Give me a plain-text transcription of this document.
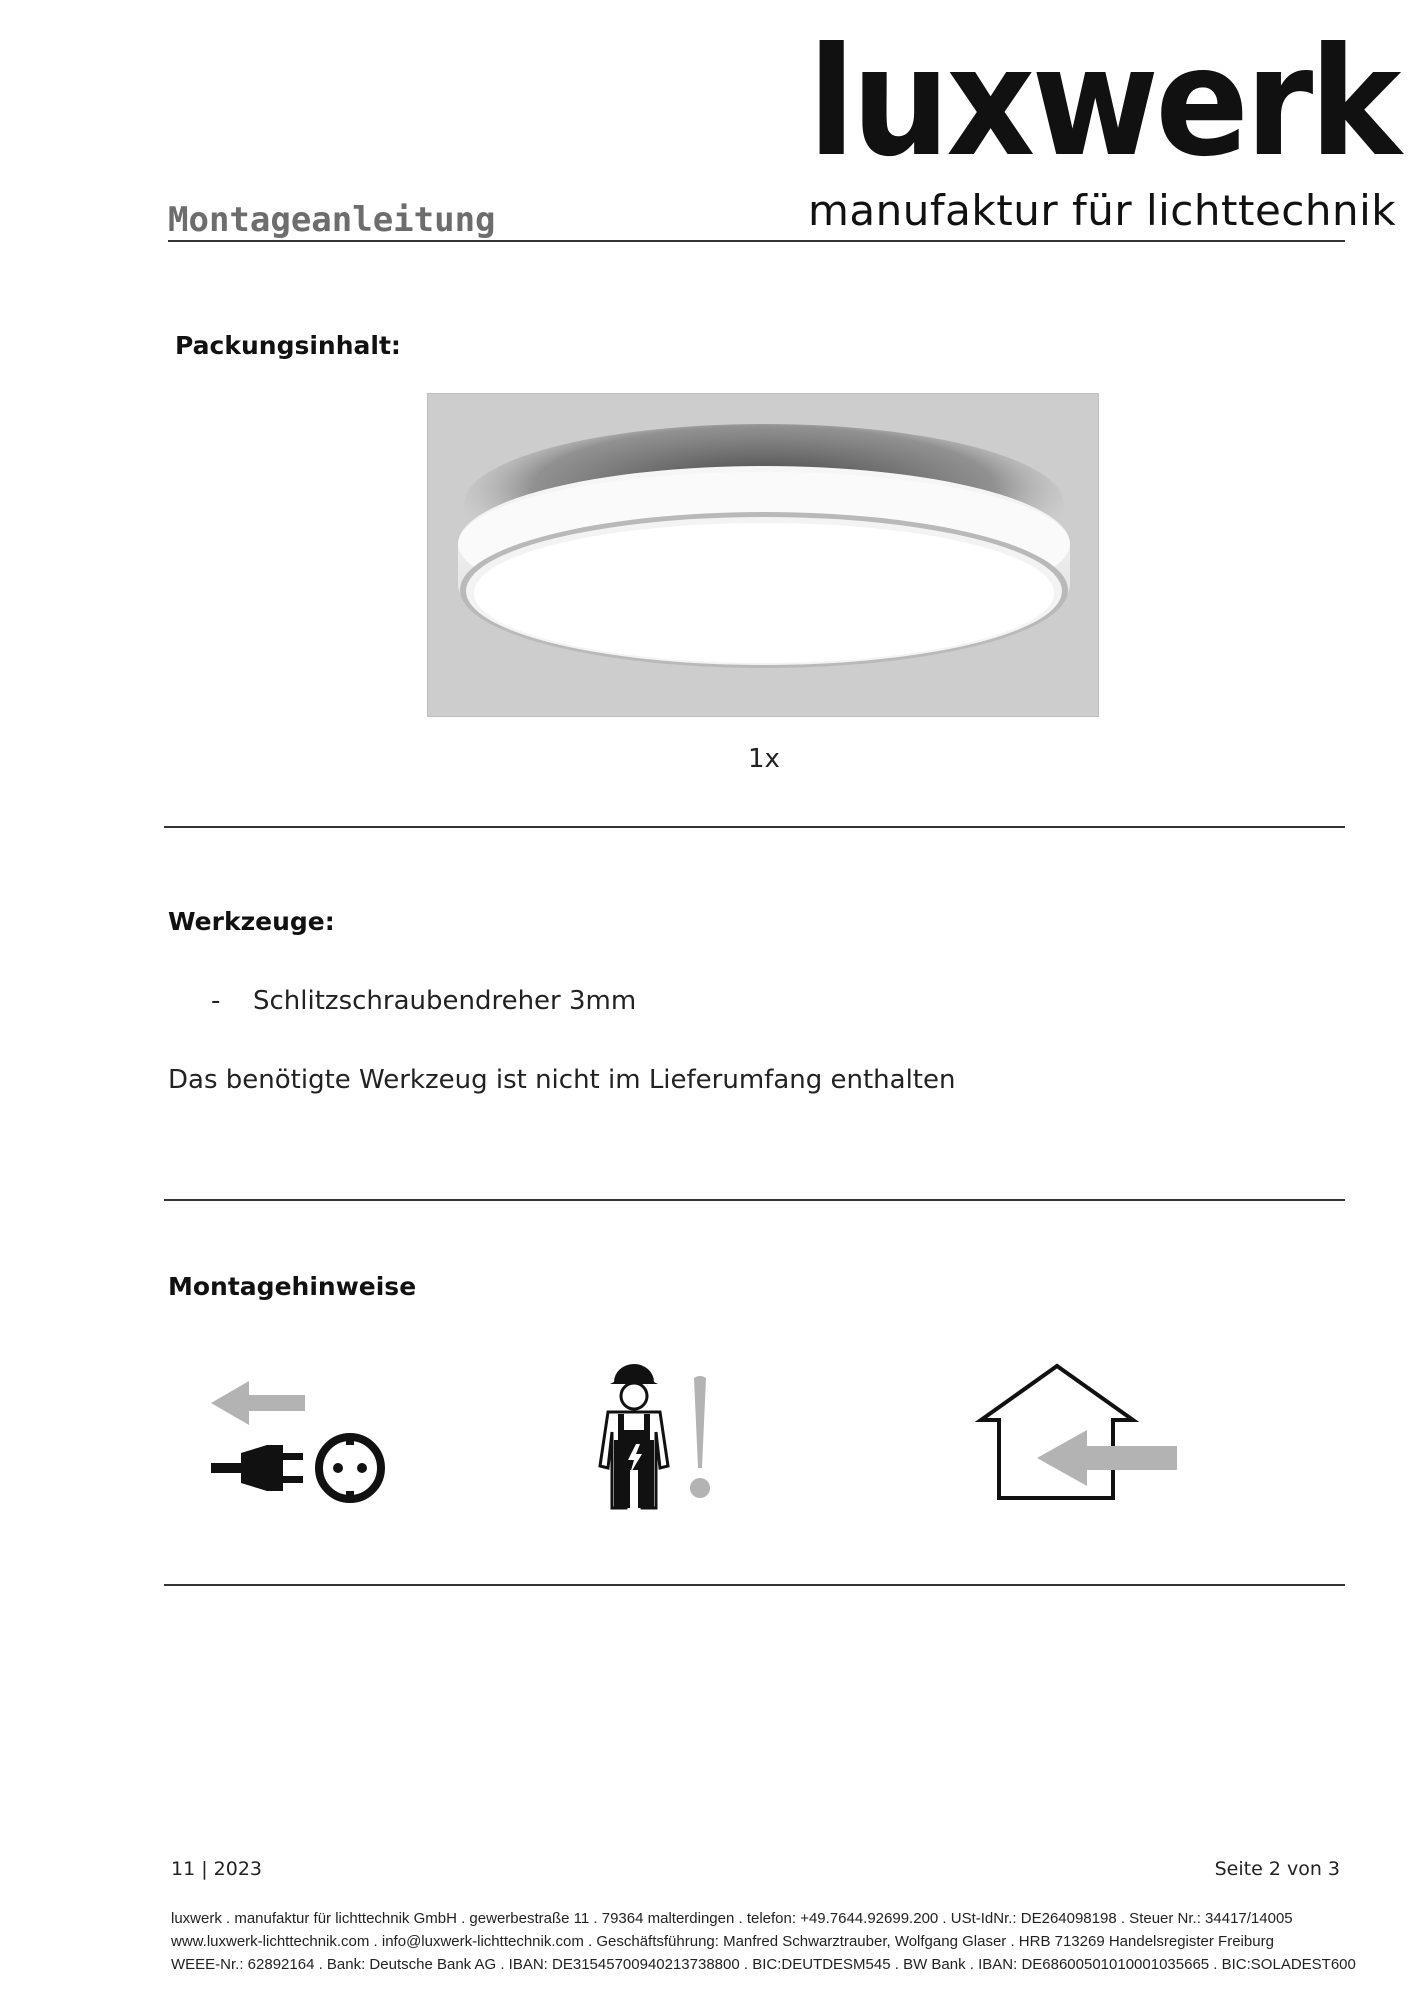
luxwerk
manufaktur für lichttechnik
Montageanleitung
Packungsinhalt:
1x
Werkzeuge:
- Schlitzschraubendreher 3mm
Das benötigte Werkzeug ist nicht im Lieferumfang enthalten
Montagehinweise
11 | 2023	Seite 2 von 3
luxwerk . manufaktur für lichttechnik GmbH . gewerbestraße 11 . 79364 malterdingen . telefon: +49.7644.92699.200 . USt-IdNr.: DE264098198 . Steuer Nr.: 34417/14005
www.luxwerk-lichttechnik.com . info@luxwerk-lichttechnik.com . Geschäftsführung: Manfred Schwarztrauber, Wolfgang Glaser . HRB 713269 Handelsregister Freiburg
WEEE-Nr.: 62892164 . Bank: Deutsche Bank AG . IBAN: DE31545700940213738800 . BIC:DEUTDESM545 . BW Bank . IBAN: DE68600501010001035665 . BIC:SOLADEST600
